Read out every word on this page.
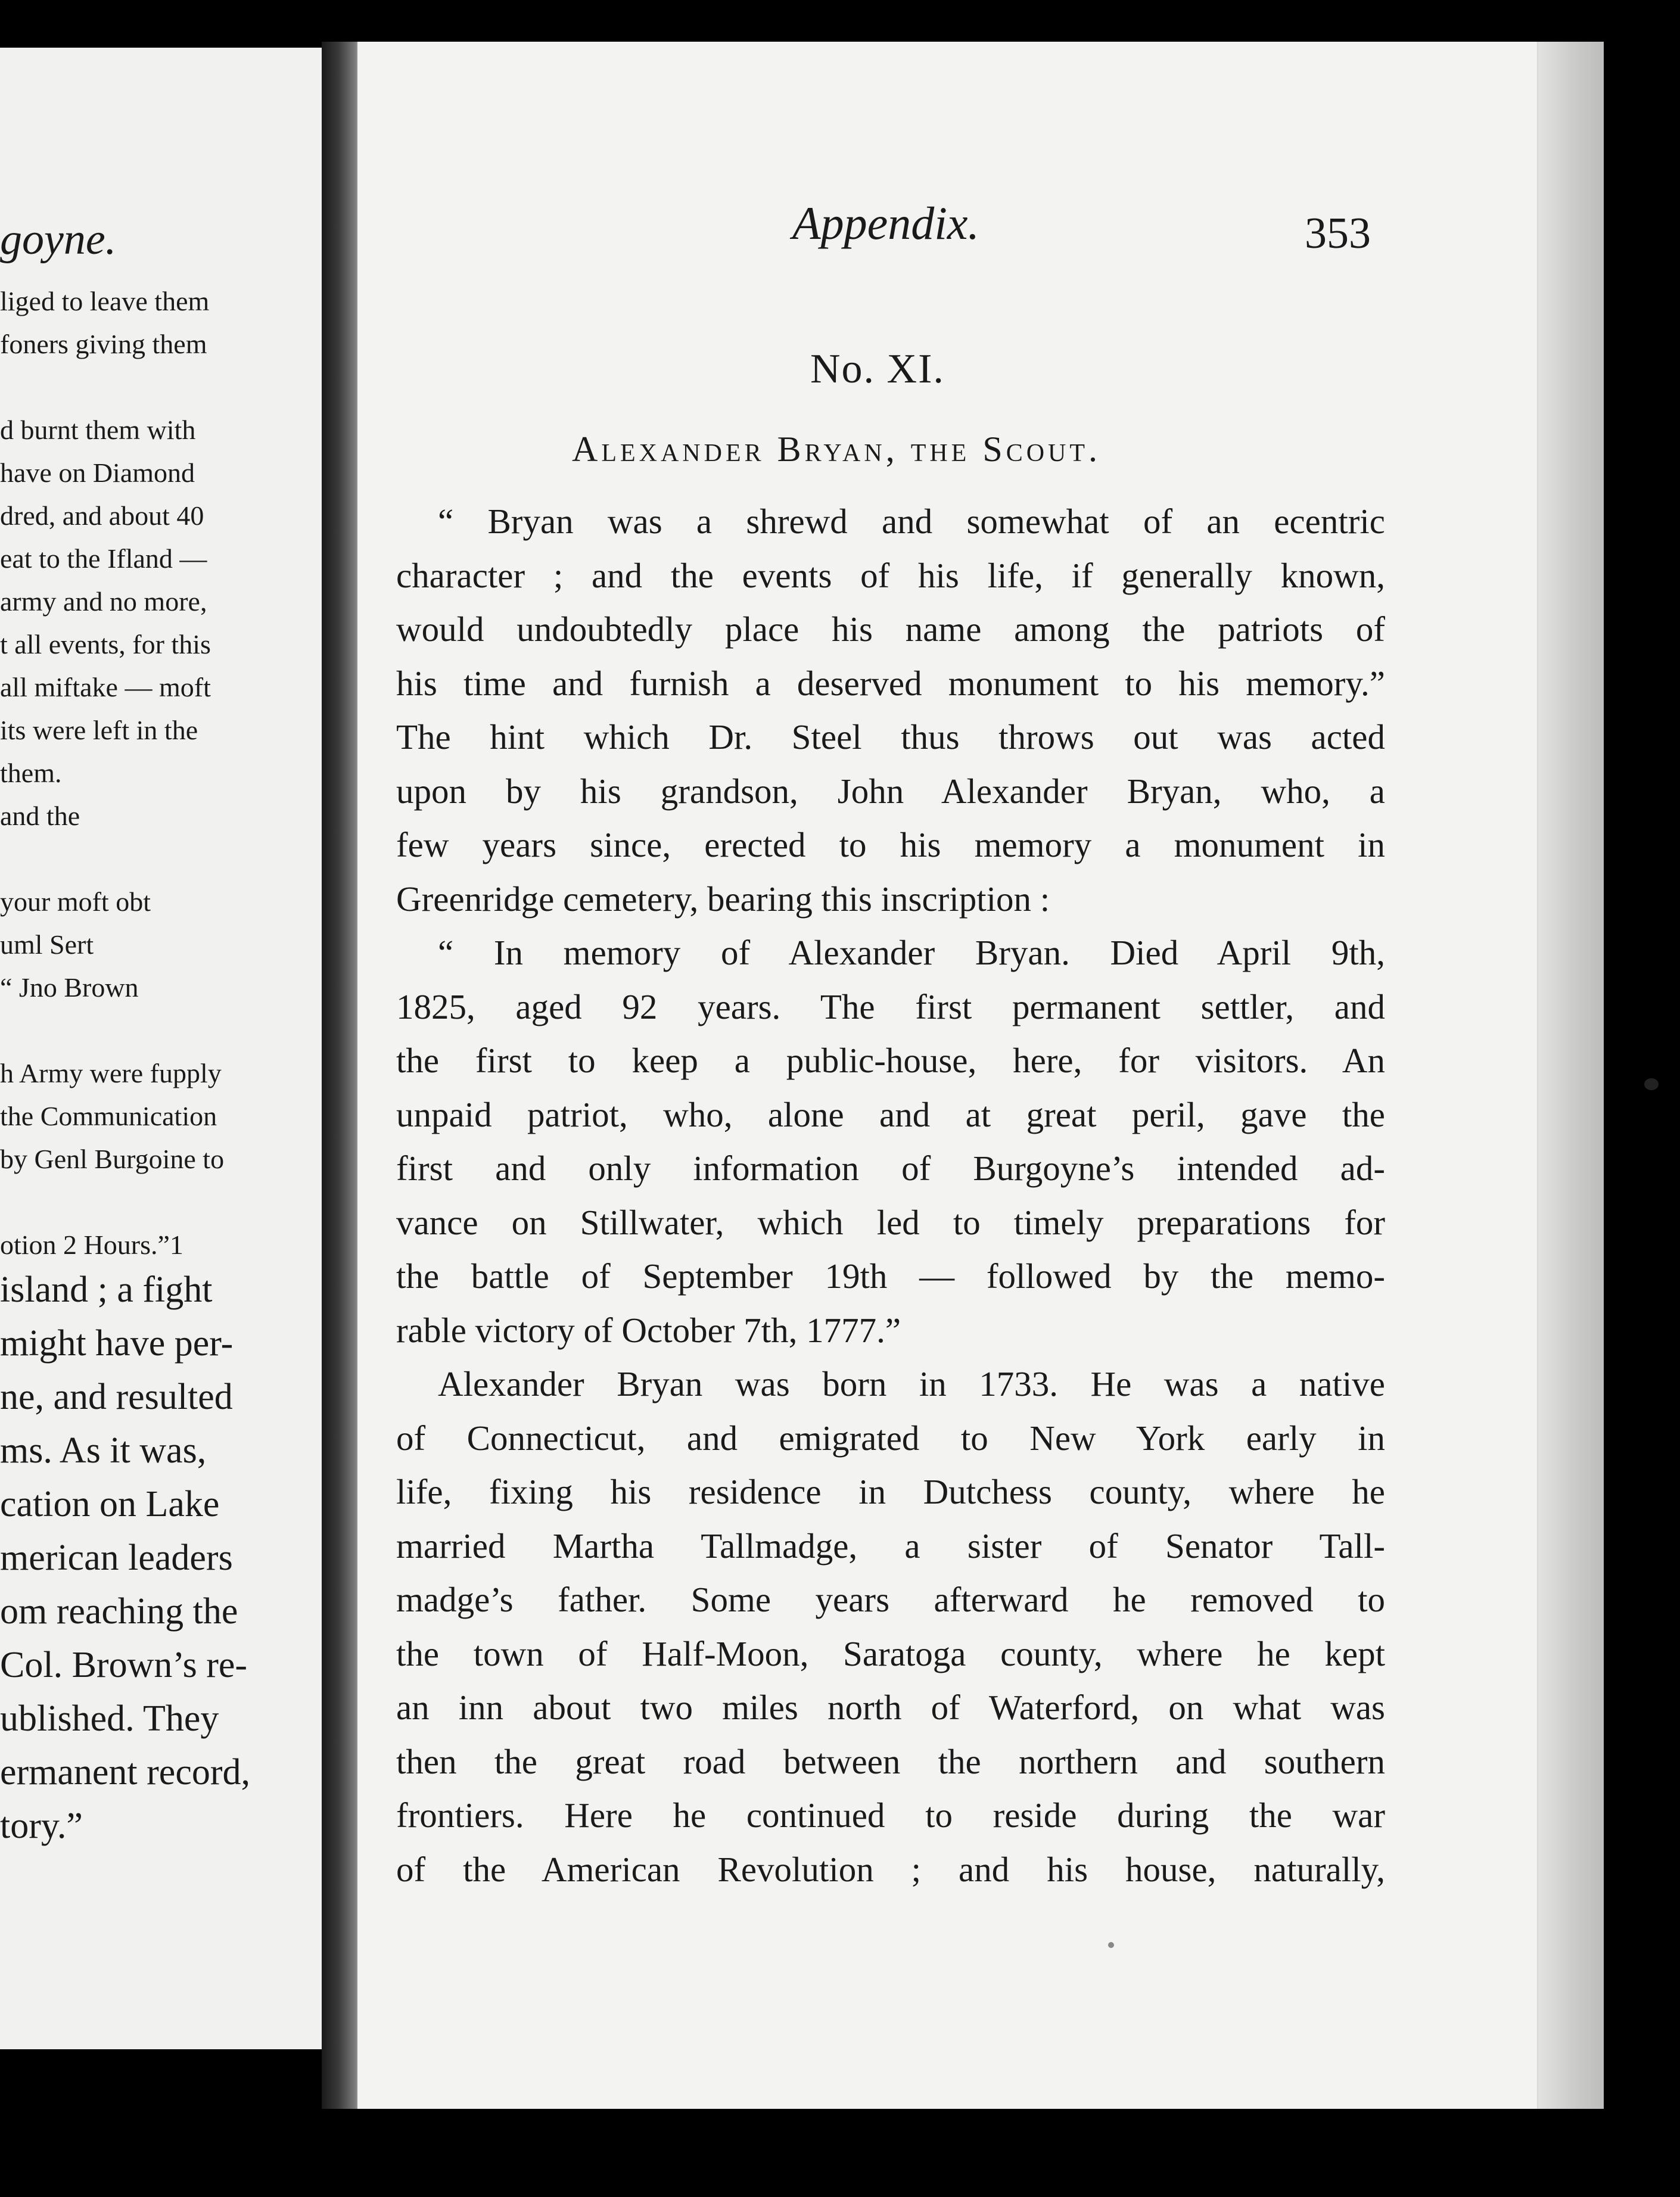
goyne.
liged to leave them
foners giving them
d burnt them with
have on Diamond
dred, and about 40
eat to the Ifland —
army and no more,
t all events, for this
all miftake — moft
its were left in the
them.
and the
your moft obt
uml Sert
“ Jno Brown
h Army were fupply
the Communication
by Genl Burgoine to
otion 2 Hours.”1
island ; a fight
might have per-
ne, and resulted
ms. As it was,
cation on Lake
merican leaders
om reaching the
Col. Brown’s re-
ublished. They
ermanent record,
tory.”
Appendix.	353
No. XI.
Alexander Bryan, the Scout.
“ Bryan was a shrewd and somewhat of an ecentric
character ; and the events of his life, if generally known,
would undoubtedly place his name among the patriots of
his time and furnish a deserved monument to his memory.”
The hint which Dr. Steel thus throws out was acted
upon by his grandson, John Alexander Bryan, who, a
few years since, erected to his memory a monument in
Greenridge cemetery, bearing this inscription :
“ In memory of Alexander Bryan. Died April 9th,
1825, aged 92 years. The first permanent settler, and
the first to keep a public-house, here, for visitors. An
unpaid patriot, who, alone and at great peril, gave the
first and only information of Burgoyne’s intended ad-
vance on Stillwater, which led to timely preparations for
the battle of September 19th — followed by the memo-
rable victory of October 7th, 1777.”
Alexander Bryan was born in 1733. He was a native
of Connecticut, and emigrated to New York early in
life, fixing his residence in Dutchess county, where he
married Martha Tallmadge, a sister of Senator Tall-
madge’s father. Some years afterward he removed to
the town of Half-Moon, Saratoga county, where he kept
an inn about two miles north of Waterford, on what was
then the great road between the northern and southern
frontiers. Here he continued to reside during the war
of the American Revolution ; and his house, naturally,
